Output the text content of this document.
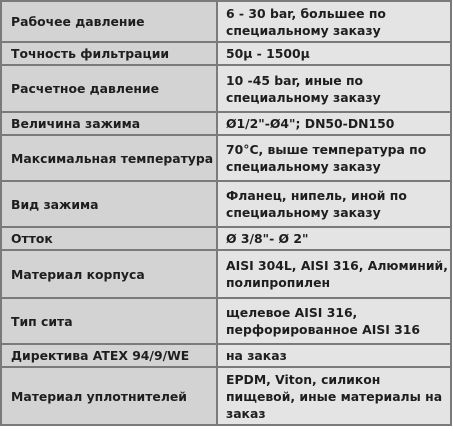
Рабочее давление	6 - 30 bar, большее по специальному заказу
Точность фильтрации	50µ - 1500µ
Расчетное давление	10 -45 bar, иные по специальному заказу
Величина зажима	Ø1/2"-Ø4"; DN50-DN150
Максимальная температура	70°C, выше температура по специальному заказу
Вид зажима	Фланец, нипель, иной по специальному заказу
Отток	Ø 3/8"- Ø 2"
Материал корпуса	AISI 304L, AISI 316, Алюминий, полипропилен
Тип сита	щелевое AISI 316, перфорированное AISI 316
Директива ATEX 94/9/WE	на заказ
Материал уплотнителей	EPDM, Viton, силикон пищевой, иные материалы на заказ
